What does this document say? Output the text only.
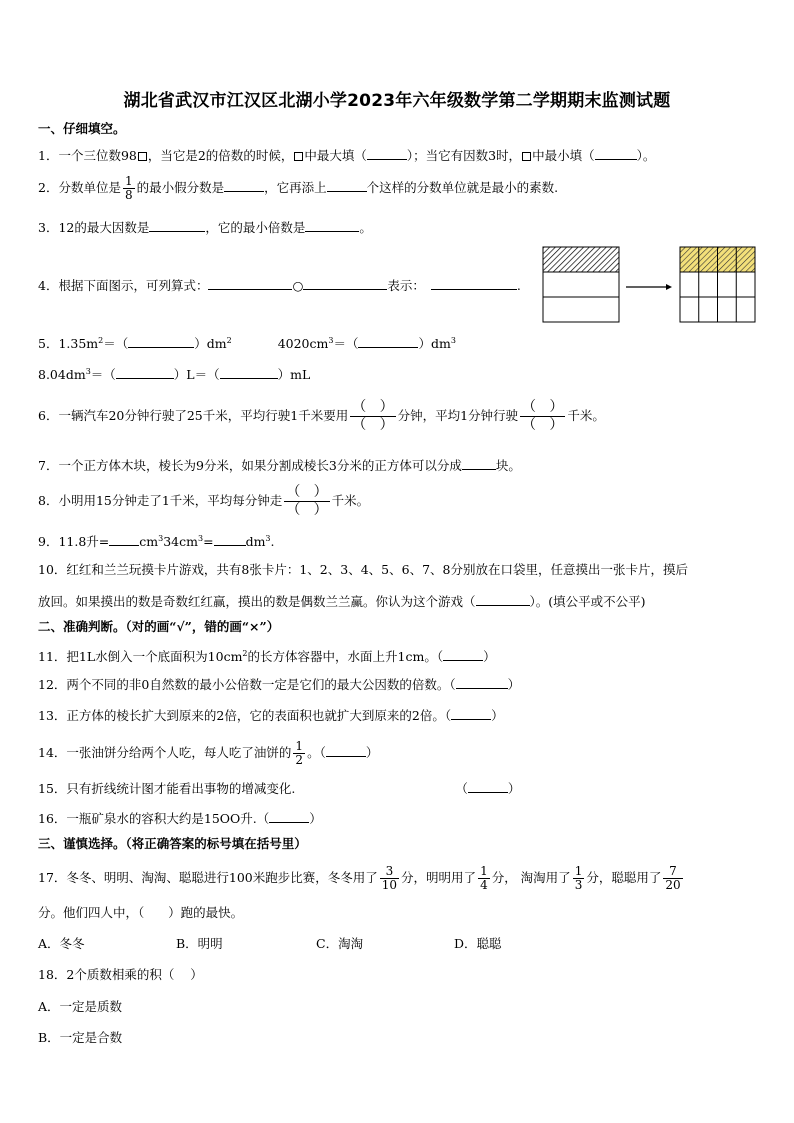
湖北省武汉市江汉区北湖小学2023年六年级数学第二学期期末监测试题
一、仔细填空。
1．一个三位数98 ，当它是2的倍数的时候， 中最大填（	）；当它有因数3时， 中最小填（	）。
2．分数单位是 $\frac{1}{8}$ 的最小假分数是	，它再添上	个这样的分数单位就是最小的素数.
3．12的最大因数是	，它的最小倍数是	。
4．根据下面图示，可列算式：	○	表示：	.
5．$1.35m^2=$（	）$dm^2$	$4020cm^3=$（	）$dm^3$
$8.04dm^3=$（	）L＝（	）mL
6．一辆汽车20分钟行驶了25千米，平均行驶1千米要用
（ ）
（ ）
分钟，平均1分钟行驶
（ ）
（ ）
千米。
7．一个正方体木块，棱长为9分米，如果分割成棱长3分米的正方体可以分成	块。
8．小明用15分钟走了1千米，平均每分钟走
（ ）
（ ）
千米。
9．11.8升= $cm^334cm^3=$	$dm^3$.
10．红红和兰兰玩摸卡片游戏，共有8张卡片：1、2、3、4、5、6、7、8分别放在口袋里，任意摸出一张卡片，摸后
放回。如果摸出的数是奇数红红赢，摸出的数是偶数兰兰赢。你认为这个游戏（	）。(填公平或不公平)
二、准确判断。（对的画“√”，错的画“×”）
11．把1L水倒入一个底面积为$10cm^2$的长方体容器中，水面上升1cm。（	）
12．两个不同的非0自然数的最小公倍数一定是它们的最大公因数的倍数。（	）
13．正方体的棱长扩大到原来的2倍，它的表面积也就扩大到原来的2倍。（	）
14．一张油饼分给两个人吃，每人吃了油饼的 $\frac{1}{2}$ 。（	）
15．只有折线统计图才能看出事物的增减变化.	（	）
16．一瓶矿泉水的容积大约是15OO升.（	）
三、谨慎选择。（将正确答案的标号填在括号里）
17．冬冬、明明、淘淘、聪聪进行100米跑步比赛，冬冬用了 $\frac{3}{10}$ 分，明明用了 $\frac{1}{4}$ 分， 淘淘用了 $\frac{1}{3}$ 分，聪聪用了 $\frac{7}{20}$
分。他们四人中，（      ）跑的最快。
A．冬冬	B．明明	C．淘淘	D．聪聪
18．2个质数相乘的积（    ）
A．一定是质数
B．一定是合数
